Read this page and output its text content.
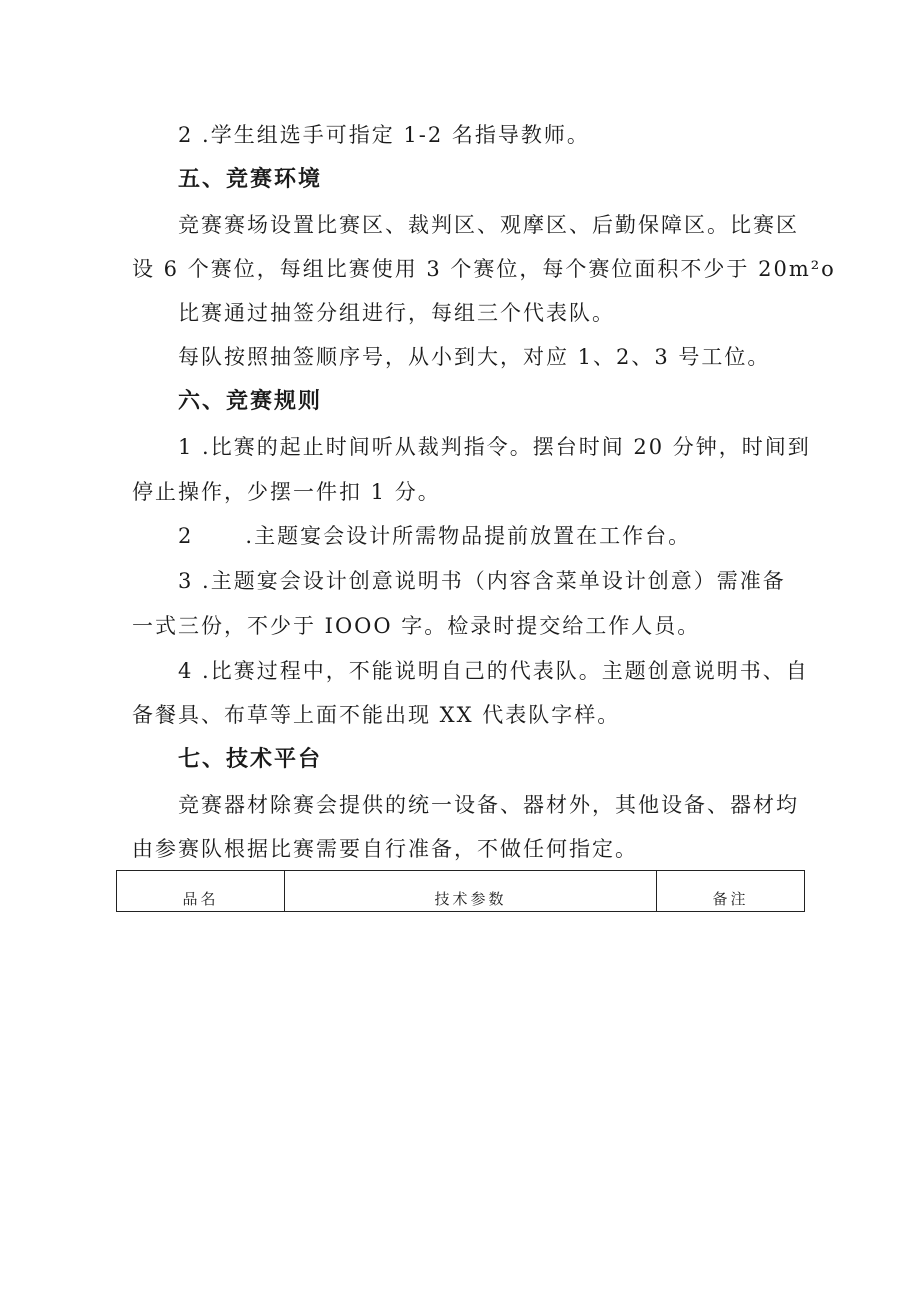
2 .学生组选手可指定 1-2 名指导教师。
五、竞赛环境
竞赛赛场设置比赛区、裁判区、观摩区、后勤保障区。比赛区
设 6 个赛位，每组比赛使用 3 个赛位，每个赛位面积不少于 20m²o
比赛通过抽签分组进行，每组三个代表队。
每队按照抽签顺序号，从小到大，对应 1、2、3 号工位。
六、竞赛规则
1 .比赛的起止时间听从裁判指令。摆台时间 20 分钟，时间到
停止操作，少摆一件扣 1 分。
2      .主题宴会设计所需物品提前放置在工作台。
3 .主题宴会设计创意说明书（内容含菜单设计创意）需准备
一式三份，不少于 IOOO 字。检录时提交给工作人员。
4 .比赛过程中，不能说明自己的代表队。主题创意说明书、自
备餐具、布草等上面不能出现 XX 代表队字样。
七、技术平台
竞赛器材除赛会提供的统一设备、器材外，其他设备、器材均
由参赛队根据比赛需要自行准备，不做任何指定。
品名	技术参数	备注
